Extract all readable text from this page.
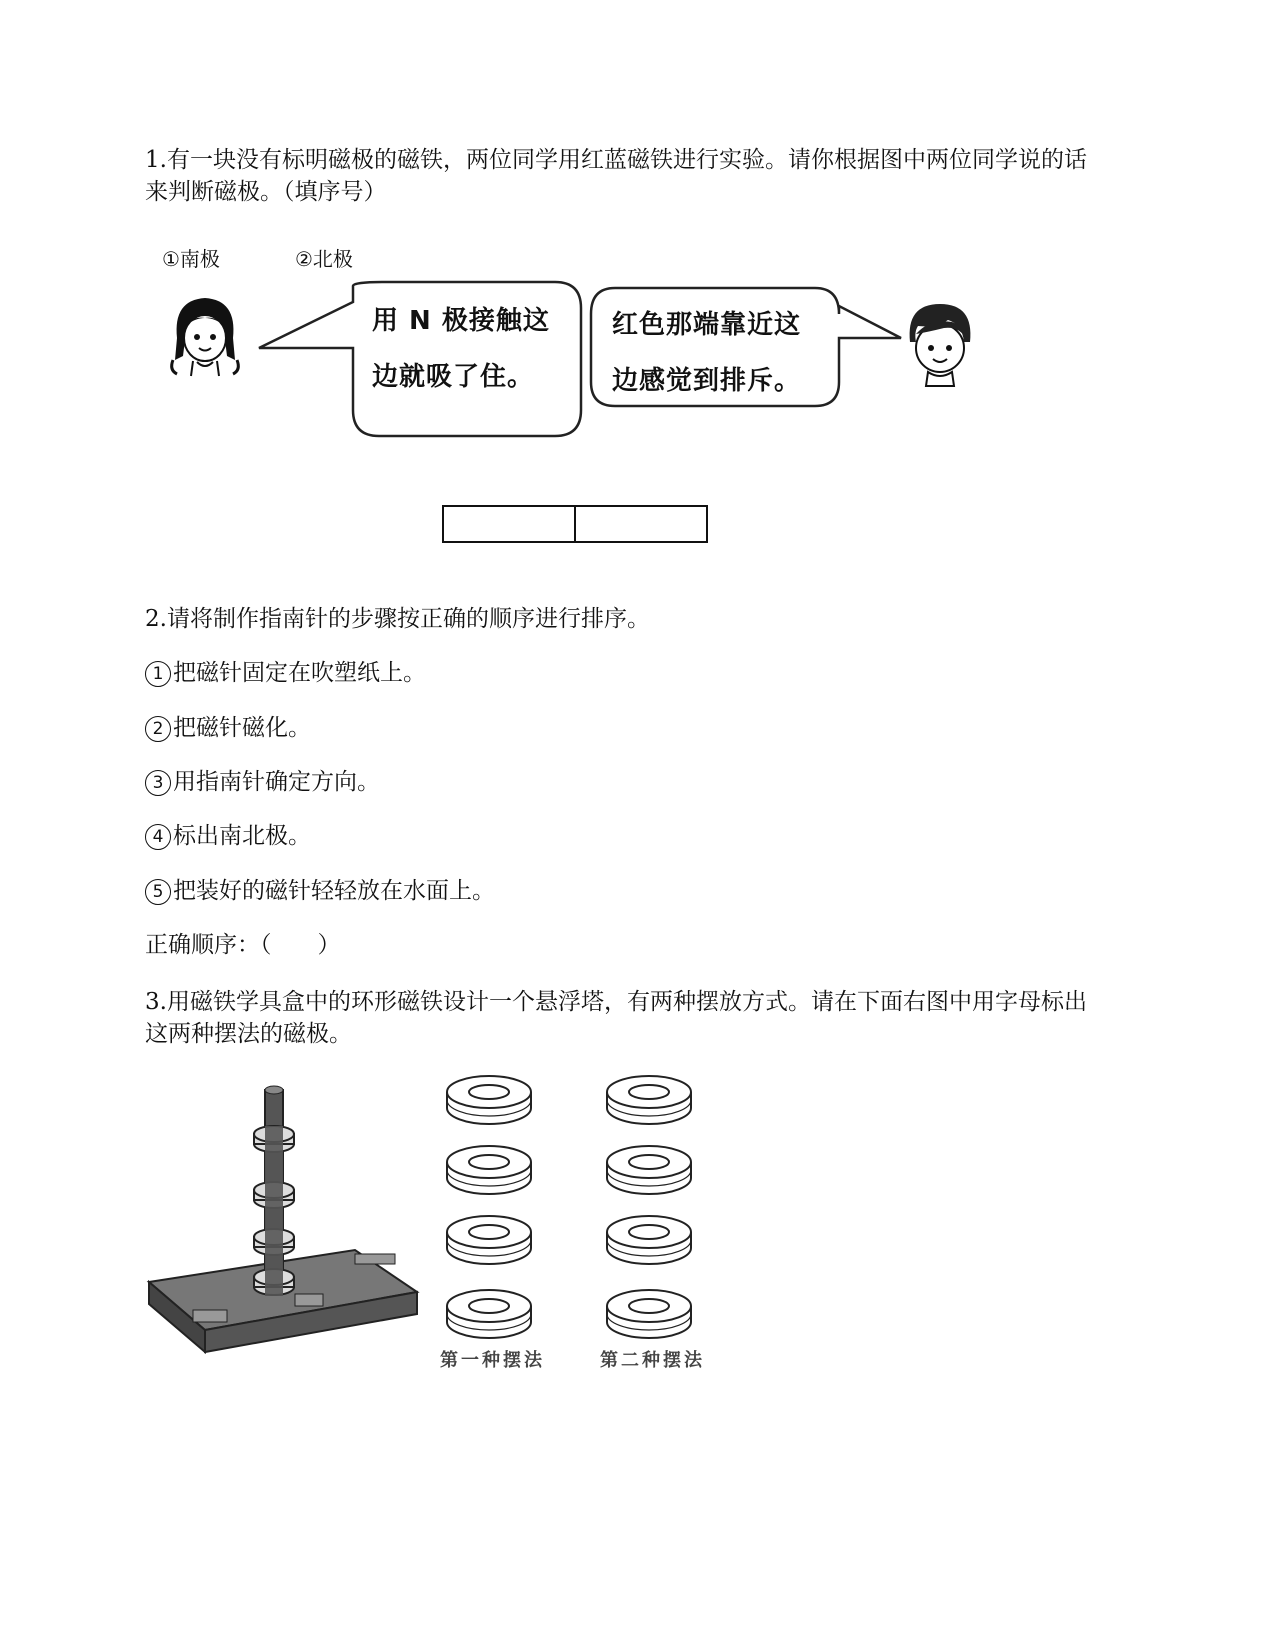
1.有一块没有标明磁极的磁铁，两位同学用红蓝磁铁进行实验。请你根据图中两位同学说的话来判断磁极。（填序号）
①南极	②北极
用 N 极接触这
边就吸了住。
红色那端靠近这
边感觉到排斥。
2.请将制作指南针的步骤按正确的顺序进行排序。
1 把磁针固定在吹塑纸上。
2 把磁针磁化。
3 用指南针确定方向。
4 标出南北极。
5 把装好的磁针轻轻放在水面上。
正确顺序：（　　）
3.用磁铁学具盒中的环形磁铁设计一个悬浮塔，有两种摆放方式。请在下面右图中用字母标出这两种摆法的磁极。
第一种摆法	第二种摆法
